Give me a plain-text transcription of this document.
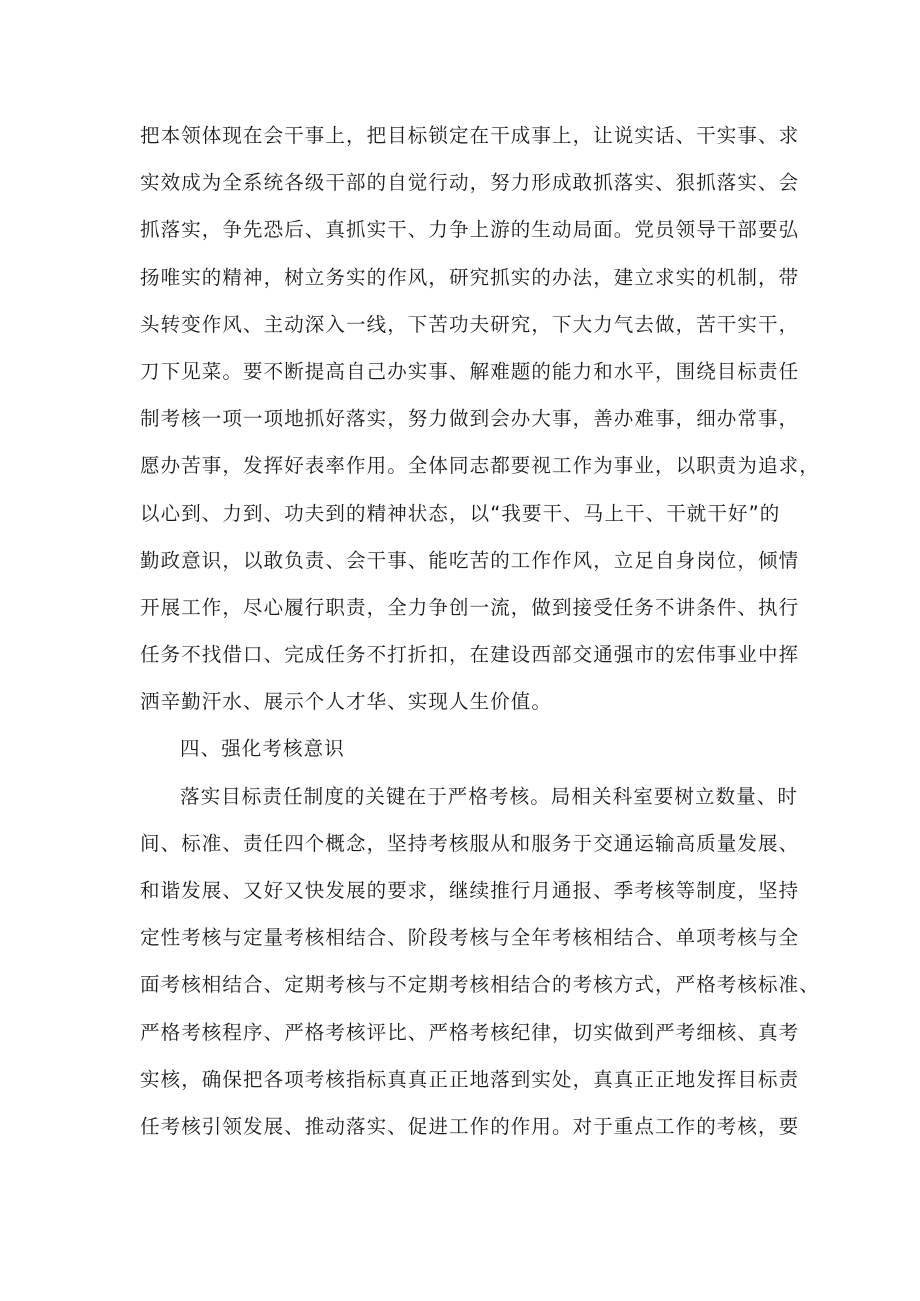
把本领体现在会干事上，把目标锁定在干成事上，让说实话、干实事、求
实效成为全系统各级干部的自觉行动，努力形成敢抓落实、狠抓落实、会
抓落实，争先恐后、真抓实干、力争上游的生动局面。党员领导干部要弘
扬唯实的精神，树立务实的作风，研究抓实的办法，建立求实的机制，带
头转变作风、主动深入一线，下苦功夫研究，下大力气去做，苦干实干，
刀下见菜。要不断提高自己办实事、解难题的能力和水平，围绕目标责任
制考核一项一项地抓好落实，努力做到会办大事，善办难事，细办常事，
愿办苦事，发挥好表率作用。全体同志都要视工作为事业，以职责为追求，
以心到、力到、功夫到的精神状态，以“我要干、马上干、干就干好”的
勤政意识，以敢负责、会干事、能吃苦的工作作风，立足自身岗位，倾情
开展工作，尽心履行职责，全力争创一流，做到接受任务不讲条件、执行
任务不找借口、完成任务不打折扣，在建设西部交通强市的宏伟事业中挥
洒辛勤汗水、展示个人才华、实现人生价值。
四、强化考核意识
落实目标责任制度的关键在于严格考核。局相关科室要树立数量、时
间、标准、责任四个概念，坚持考核服从和服务于交通运输高质量发展、
和谐发展、又好又快发展的要求，继续推行月通报、季考核等制度，坚持
定性考核与定量考核相结合、阶段考核与全年考核相结合、单项考核与全
面考核相结合、定期考核与不定期考核相结合的考核方式，严格考核标准、
严格考核程序、严格考核评比、严格考核纪律，切实做到严考细核、真考
实核，确保把各项考核指标真真正正地落到实处，真真正正地发挥目标责
任考核引领发展、推动落实、促进工作的作用。对于重点工作的考核，要
